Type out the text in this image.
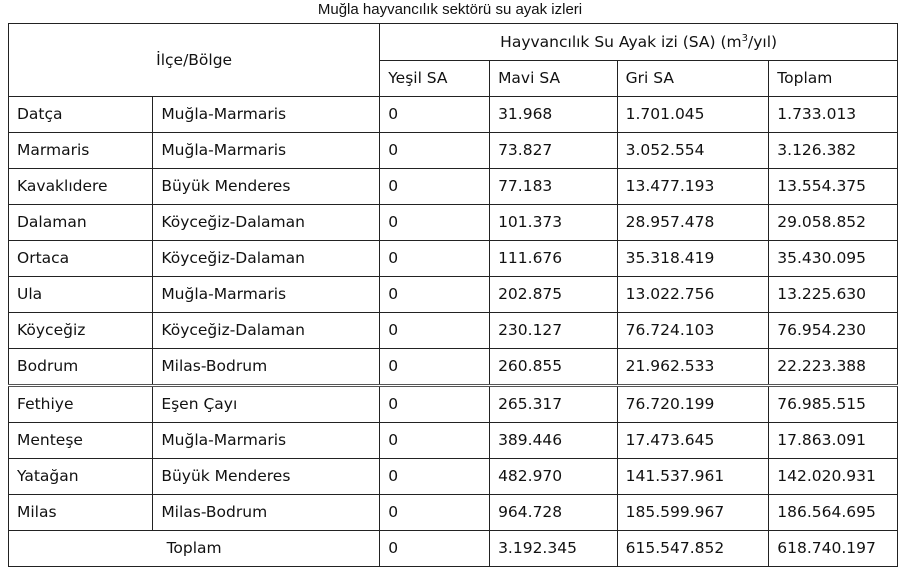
Muğla hayvancılık sektörü su ayak izleri
İlçe/Bölge		Hayvancılık Su Ayak izi (SA) $(m^3/yıl)$			
		Yeşil SA	Mavi SA	Gri SA	Toplam
Datça	Muğla-Marmaris	0	31.968	1.701.045	1.733.013
Marmaris	Muğla-Marmaris	0	73.827	3.052.554	3.126.382
Kavaklıdere	Büyük Menderes	0	77.183	13.477.193	13.554.375
Dalaman	Köyceğiz-Dalaman	0	101.373	28.957.478	29.058.852
Ortaca	Köyceğiz-Dalaman	0	111.676	35.318.419	35.430.095
Ula	Muğla-Marmaris	0	202.875	13.022.756	13.225.630
Köyceğiz	Köyceğiz-Dalaman	0	230.127	76.724.103	76.954.230
Bodrum	Milas-Bodrum	0	260.855	21.962.533	22.223.388
Fethiye	Eşen Çayı	0	265.317	76.720.199	76.985.515
Menteşe	Muğla-Marmaris	0	389.446	17.473.645	17.863.091
Yatağan	Büyük Menderes	0	482.970	141.537.961	142.020.931
Milas	Milas-Bodrum	0	964.728	185.599.967	186.564.695
Toplam		0	3.192.345	615.547.852	618.740.197
